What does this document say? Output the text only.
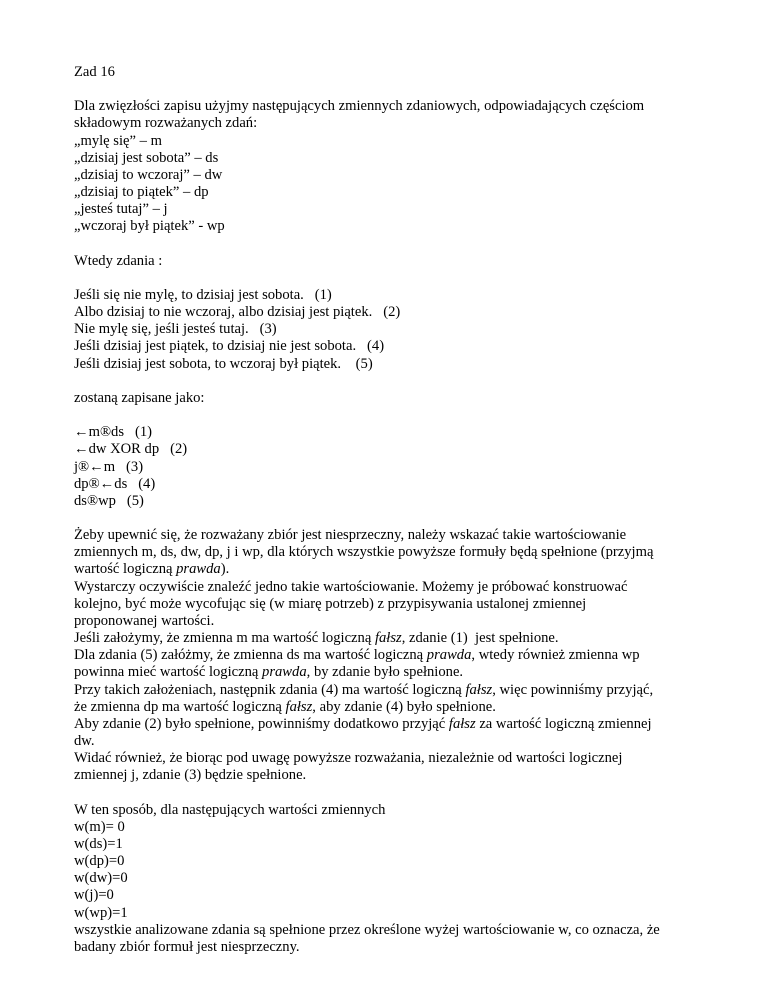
Zad 16
Dla zwięzłości zapisu użyjmy następujących zmiennych zdaniowych, odpowiadających częściom
składowym rozważanych zdań:
„mylę się” – m
„dzisiaj jest sobota” – ds
„dzisiaj to wczoraj” – dw
„dzisiaj to piątek” – dp
„jesteś tutaj” – j
„wczoraj był piątek” - wp
Wtedy zdania :
Jeśli się nie mylę, to dzisiaj jest sobota.   (1)
Albo dzisiaj to nie wczoraj, albo dzisiaj jest piątek.   (2)
Nie mylę się, jeśli jesteś tutaj.   (3)
Jeśli dzisiaj jest piątek, to dzisiaj nie jest sobota.   (4)
Jeśli dzisiaj jest sobota, to wczoraj był piątek.    (5)
zostaną zapisane jako:
←m®ds   (1)
←dw XOR dp   (2)
j®←m   (3)
dp®←ds   (4)
ds®wp   (5)
Żeby upewnić się, że rozważany zbiór jest niesprzeczny, należy wskazać takie wartościowanie
zmiennych m, ds, dw, dp, j i wp, dla których wszystkie powyższe formuły będą spełnione (przyjmą
wartość logiczną prawda).
Wystarczy oczywiście znaleźć jedno takie wartościowanie. Możemy je próbować konstruować
kolejno, być może wycofując się (w miarę potrzeb) z przypisywania ustalonej zmiennej
proponowanej wartości.
Jeśli założymy, że zmienna m ma wartość logiczną fałsz, zdanie (1)  jest spełnione.
Dla zdania (5) załóżmy, że zmienna ds ma wartość logiczną prawda, wtedy również zmienna wp
powinna mieć wartość logiczną prawda, by zdanie było spełnione.
Przy takich założeniach, następnik zdania (4) ma wartość logiczną fałsz, więc powinniśmy przyjąć,
że zmienna dp ma wartość logiczną fałsz, aby zdanie (4) było spełnione.
Aby zdanie (2) było spełnione, powinniśmy dodatkowo przyjąć fałsz za wartość logiczną zmiennej
dw.
Widać również, że biorąc pod uwagę powyższe rozważania, niezależnie od wartości logicznej
zmiennej j, zdanie (3) będzie spełnione.
W ten sposób, dla następujących wartości zmiennych
w(m)= 0
w(ds)=1
w(dp)=0
w(dw)=0
w(j)=0
w(wp)=1
wszystkie analizowane zdania są spełnione przez określone wyżej wartościowanie w, co oznacza, że
badany zbiór formuł jest niesprzeczny.
